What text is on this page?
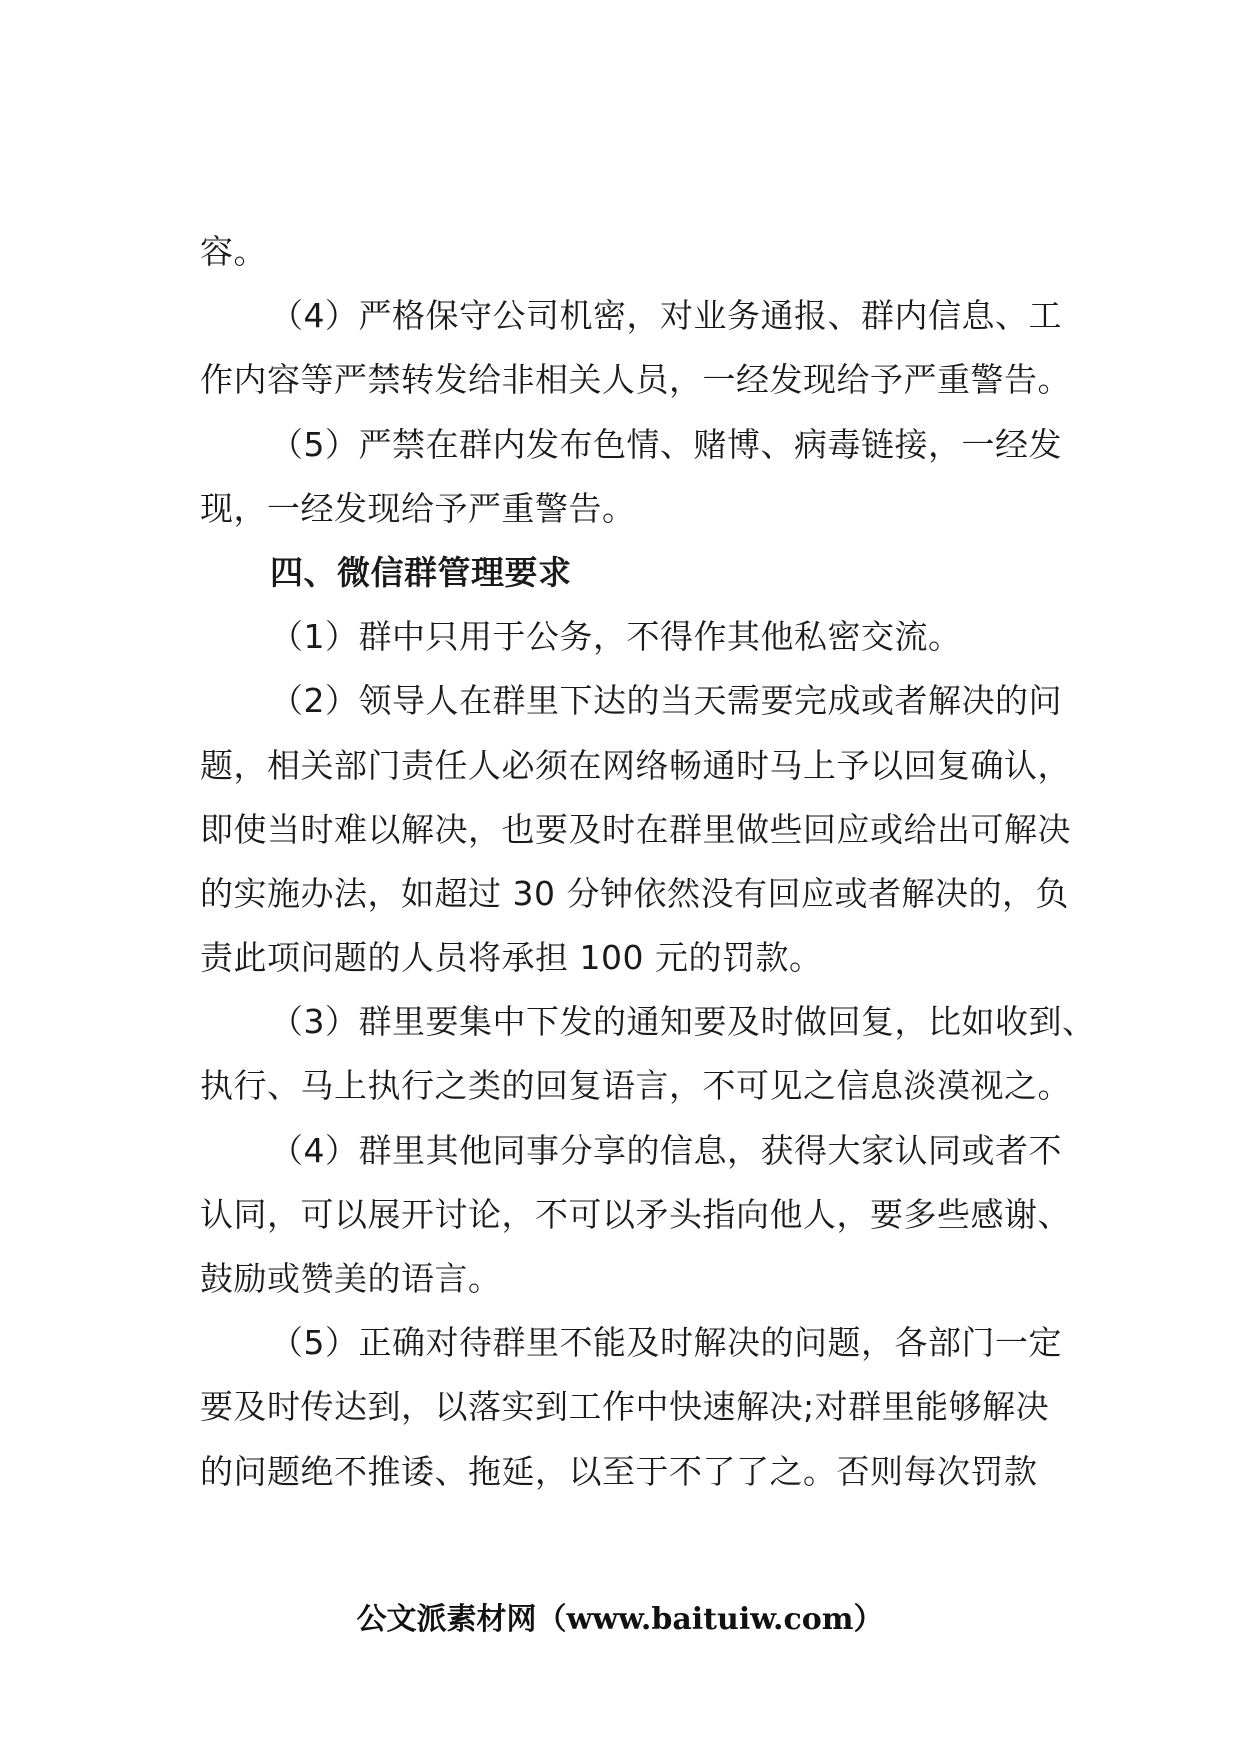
容。
（4）严格保守公司机密，对业务通报、群内信息、工
作内容等严禁转发给非相关人员，一经发现给予严重警告。
（5）严禁在群内发布色情、赌博、病毒链接，一经发
现，一经发现给予严重警告。
四、微信群管理要求
（1）群中只用于公务，不得作其他私密交流。
（2）领导人在群里下达的当天需要完成或者解决的问
题，相关部门责任人必须在网络畅通时马上予以回复确认，
即使当时难以解决，也要及时在群里做些回应或给出可解决
的实施办法，如超过 30 分钟依然没有回应或者解决的，负
责此项问题的人员将承担 100 元的罚款。
（3）群里要集中下发的通知要及时做回复，比如收到、
执行、马上执行之类的回复语言，不可见之信息淡漠视之。
（4）群里其他同事分享的信息，获得大家认同或者不
认同，可以展开讨论，不可以矛头指向他人，要多些感谢、
鼓励或赞美的语言。
（5）正确对待群里不能及时解决的问题，各部门一定
要及时传达到，以落实到工作中快速解决;对群里能够解决
的问题绝不推诿、拖延，以至于不了了之。否则每次罚款
公文派素材网（www.baituiw.com）
